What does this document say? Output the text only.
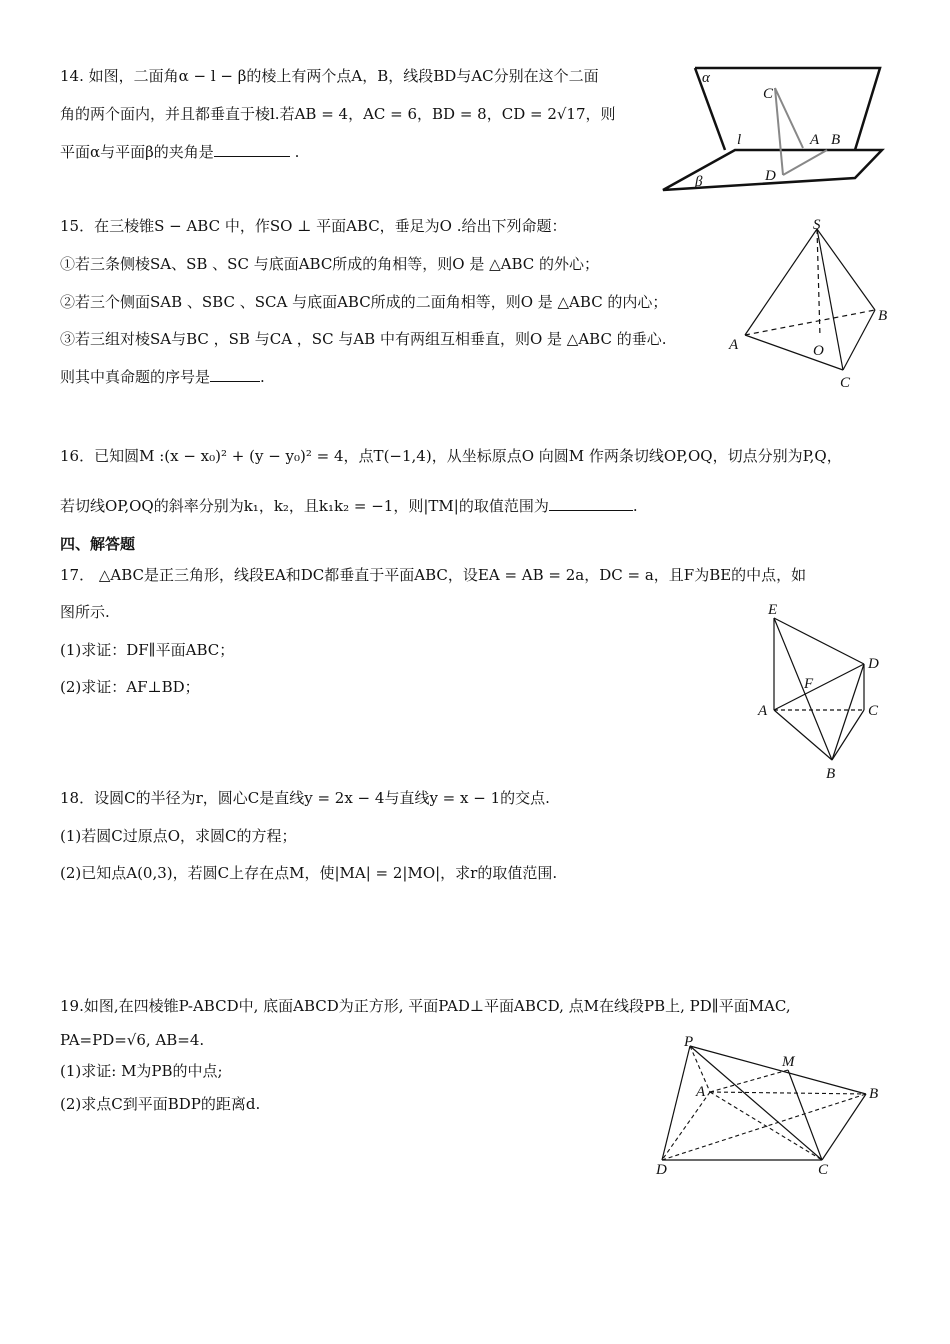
14. 如图，二面角α − l − β的棱上有两个点A，B，线段BD与AC分别在这个二面
角的两个面内，并且都垂直于棱l.若AB = 4，AC = 6，BD = 8，CD = 2√17，则
平面α与平面β的夹角是	.
α
β
l
C
A B
D
15．在三棱锥S − ABC 中，作SO ⊥ 平面ABC，垂足为O .给出下列命题：
①若三条侧棱SA、SB 、SC 与底面ABC所成的角相等，则O 是 △ABC 的外心；
②若三个侧面SAB 、SBC 、SCA 与底面ABC所成的二面角相等，则O 是 △ABC 的内心；
③若三组对棱SA与BC ，SB 与CA ，SC 与AB 中有两组互相垂直，则O 是 △ABC 的垂心.
则其中真命题的序号是	.
S
A
B
C
O
16．已知圆M :(x − x₀)² + (y − y₀)² = 4，点T(−1,4)，从坐标原点O 向圆M 作两条切线OP,OQ，切点分别为P,Q，
若切线OP,OQ的斜率分别为k₁，k₂，且k₁k₂ = −1，则|TM|的取值范围为	.
四、解答题
17． △ABC是正三角形，线段EA和DC都垂直于平面ABC，设EA = AB = 2a，DC = a，且F为BE的中点，如
图所示.
(1)求证：DF∥平面ABC；
(2)求证：AF⊥BD；
E
D
F
A	C
B
18．设圆C的半径为r，圆心C是直线y = 2x − 4与直线y = x − 1的交点.
(1)若圆C过原点O，求圆C的方程；
(2)已知点A(0,3)，若圆C上存在点M，使|MA| = 2|MO|，求r的取值范围.
19.如图,在四棱锥P-ABCD中, 底面ABCD为正方形, 平面PAD⊥平面ABCD, 点M在线段PB上, PD∥平面MAC,
PA=PD=√6, AB=4.
(1)求证: M为PB的中点;
(2)求点C到平面BDP的距离d.
P
M
A	B
D	C
